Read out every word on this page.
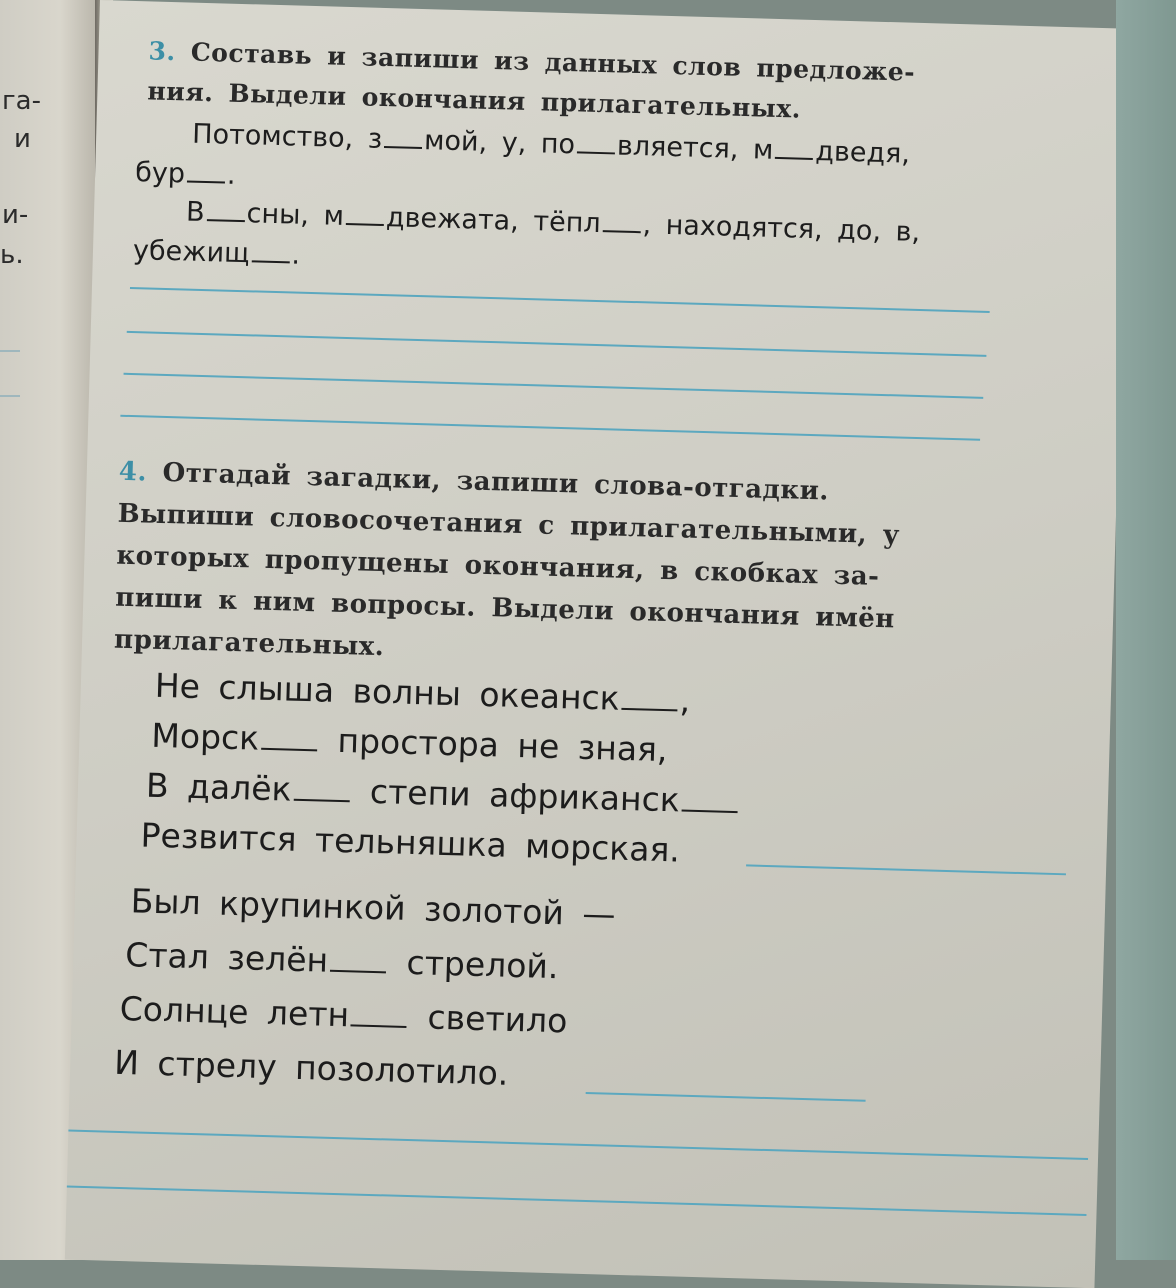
га-
и
и-
ь.
3. Составь и запиши из данных слов предложе-
ния. Выдели окончания прилагательных.
Потомство, з мой, у, по вляется, м дведя,
бур .
В сны, м двежата, тёпл , находятся, до, в,
убежищ .
4. Отгадай загадки, запиши слова-отгадки.
Выпиши словосочетания с прилагательными, у
которых пропущены окончания, в скобках за-
пиши к ним вопросы. Выдели окончания имён
прилагательных.
Не слыша волны океанск ,
Морск простора не зная,
В далёк степи африканск
Резвится тельняшка морская.
Был крупинкой золотой —
Стал зелён стрелой.
Солнце летн светило
И стрелу позолотило.
